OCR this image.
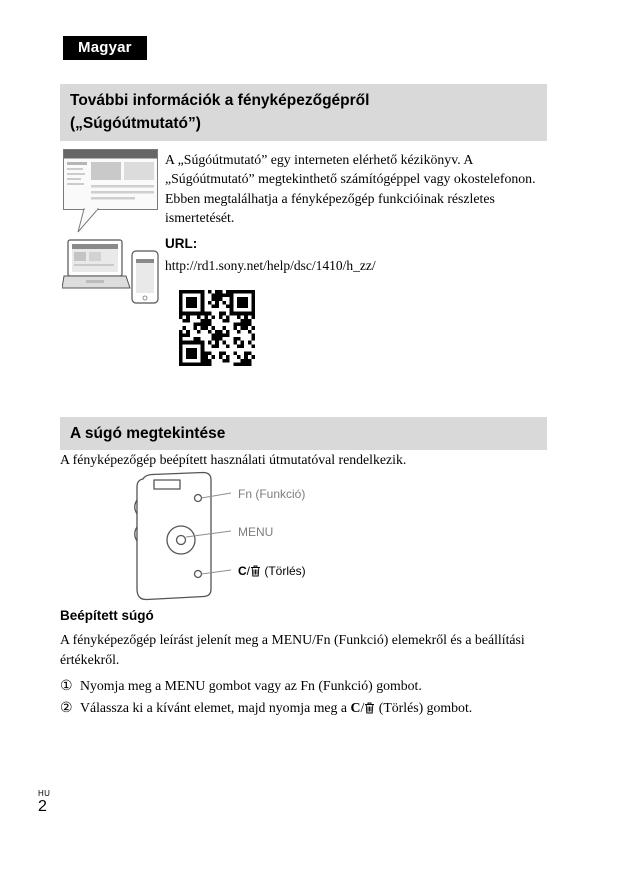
Magyar
További információk a fényképezőgépről
(„Súgóútmutató”)

A „Súgóútmutató” egy interneten elérhető kézikönyv. A „Súgóútmutató” megtekinthető számítógéppel vagy okostelefonon.

Ebben megtalálhatja a fényképezőgép funkcióinak részletes ismertetését.

URL:

http://rd1.sony.net/help/dsc/1410/h_zz/

A súgó megtekintése

A fényképezőgép beépített használati útmutatóval rendelkezik.

Fn (Funkció)
MENU
C/ (Törlés)
Beépített súgó

A fényképezőgép leírást jelenít meg a MENU/Fn (Funkció) elemekről és a beállítási értékekről.

① Nyomja meg a MENU gombot vagy az Fn (Funkció) gombot.
② Válassza ki a kívánt elemet, majd nyomja meg a C/ (Törlés) gombot.
HU
2
